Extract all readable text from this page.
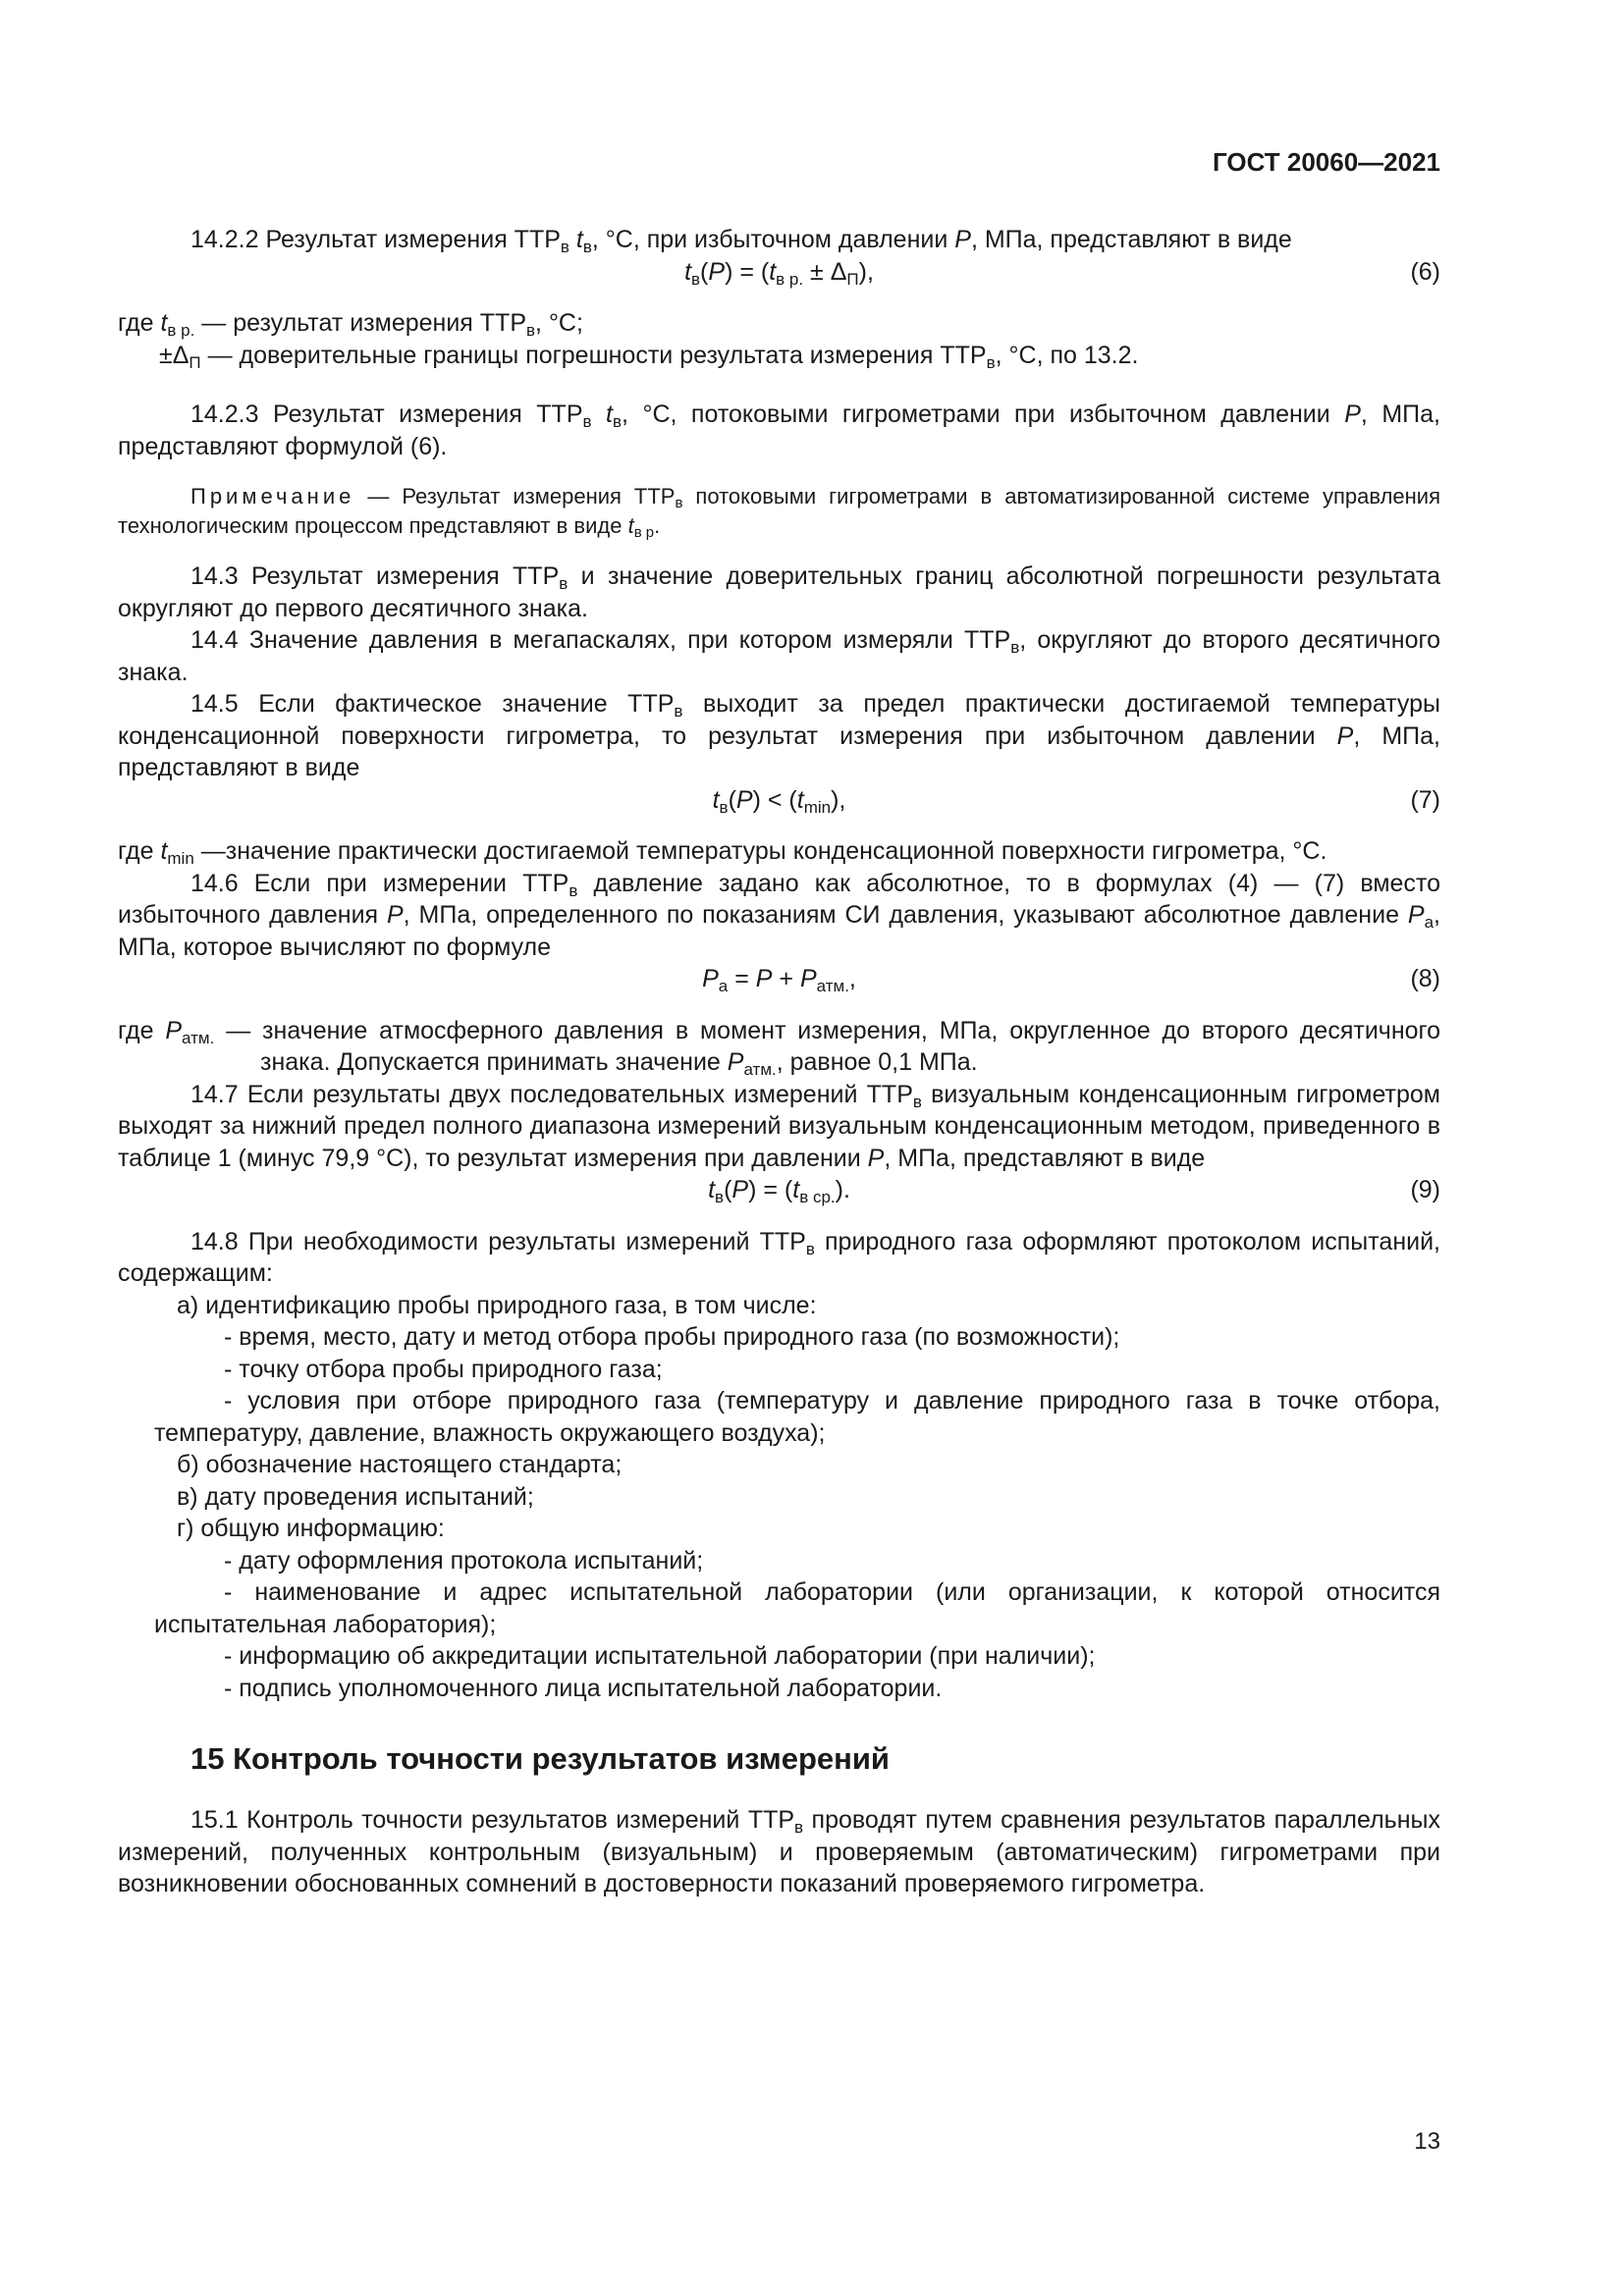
ГОСТ 20060—2021

14.2.2 Результат измерения $ТТР_в$ $t_в$, °С, при избыточном давлении P, МПа, представляют в виде

$t_в(P) = (t_{в р.} \pm \Delta_П)$,	(6)

где $t_{в р.}$ — результат измерения $ТТР_в$, °С;

$\pm\Delta_П$ — доверительные границы погрешности результата измерения $ТТР_в$, °С, по 13.2.

14.2.3 Результат измерения $ТТР_в$ $t_в$, °С, потоковыми гигрометрами при избыточном давлении P, МПа, представляют формулой (6).

Примечание — Результат измерения $ТТР_в$ потоковыми гигрометрами в автоматизированной системе управления технологическим процессом представляют в виде $t_{в р}$.

14.3 Результат измерения $ТТР_в$ и значение доверительных границ абсолютной погрешности результата округляют до первого десятичного знака.

14.4 Значение давления в мегапаскалях, при котором измеряли $ТТР_в$, округляют до второго десятичного знака.

14.5 Если фактическое значение $ТТР_в$ выходит за предел практически достигаемой температуры конденсационной поверхности гигрометра, то результат измерения при избыточном давлении P, МПа, представляют в виде

$t_в(P) < (t_{min})$,	(7)
где $t_{min}$ — значение практически достигаемой температуры конденсационной поверхности гигрометра, °С.

14.6 Если при измерении $ТТР_в$ давление задано как абсолютное, то в формулах (4) — (7) вместо избыточного давления P, МПа, определенного по показаниям СИ давления, указывают абсолютное давление $P_а$, МПа, которое вычисляют по формуле

$P_а = P + P_{атм.}$,	(8)

где $P_{атм.}$ — значение атмосферного давления в момент измерения, МПа, округленное до второго десятичного знака. Допускается принимать значение $P_{атм.}$, равное 0,1 МПа.

14.7 Если результаты двух последовательных измерений $ТТР_в$ визуальным конденсационным гигрометром выходят за нижний предел полного диапазона измерений визуальным конденсационным методом, приведенного в таблице 1 (минус 79,9 °С), то результат измерения при давлении P, МПа, представляют в виде

$t_в(P) = (t_{в ср.})$.	(9)

14.8 При необходимости результаты измерений $ТТР_в$ природного газа оформляют протоколом испытаний, содержащим:

а) идентификацию пробы природного газа, в том числе:

- время, место, дату и метод отбора пробы природного газа (по возможности);

- точку отбора пробы природного газа;

- условия при отборе природного газа (температуру и давление природного газа в точке отбора, температуру, давление, влажность окружающего воздуха);

б) обозначение настоящего стандарта;

в) дату проведения испытаний;

г) общую информацию:

- дату оформления протокола испытаний;

- наименование и адрес испытательной лаборатории (или организации, к которой относится испытательная лаборатория);

- информацию об аккредитации испытательной лаборатории (при наличии);

- подпись уполномоченного лица испытательной лаборатории.

15 Контроль точности результатов измерений

15.1 Контроль точности результатов измерений $ТТР_в$ проводят путем сравнения результатов параллельных измерений, полученных контрольным (визуальным) и проверяемым (автоматическим) гигрометрами при возникновении обоснованных сомнений в достоверности показаний проверяемого гигрометра.

13
